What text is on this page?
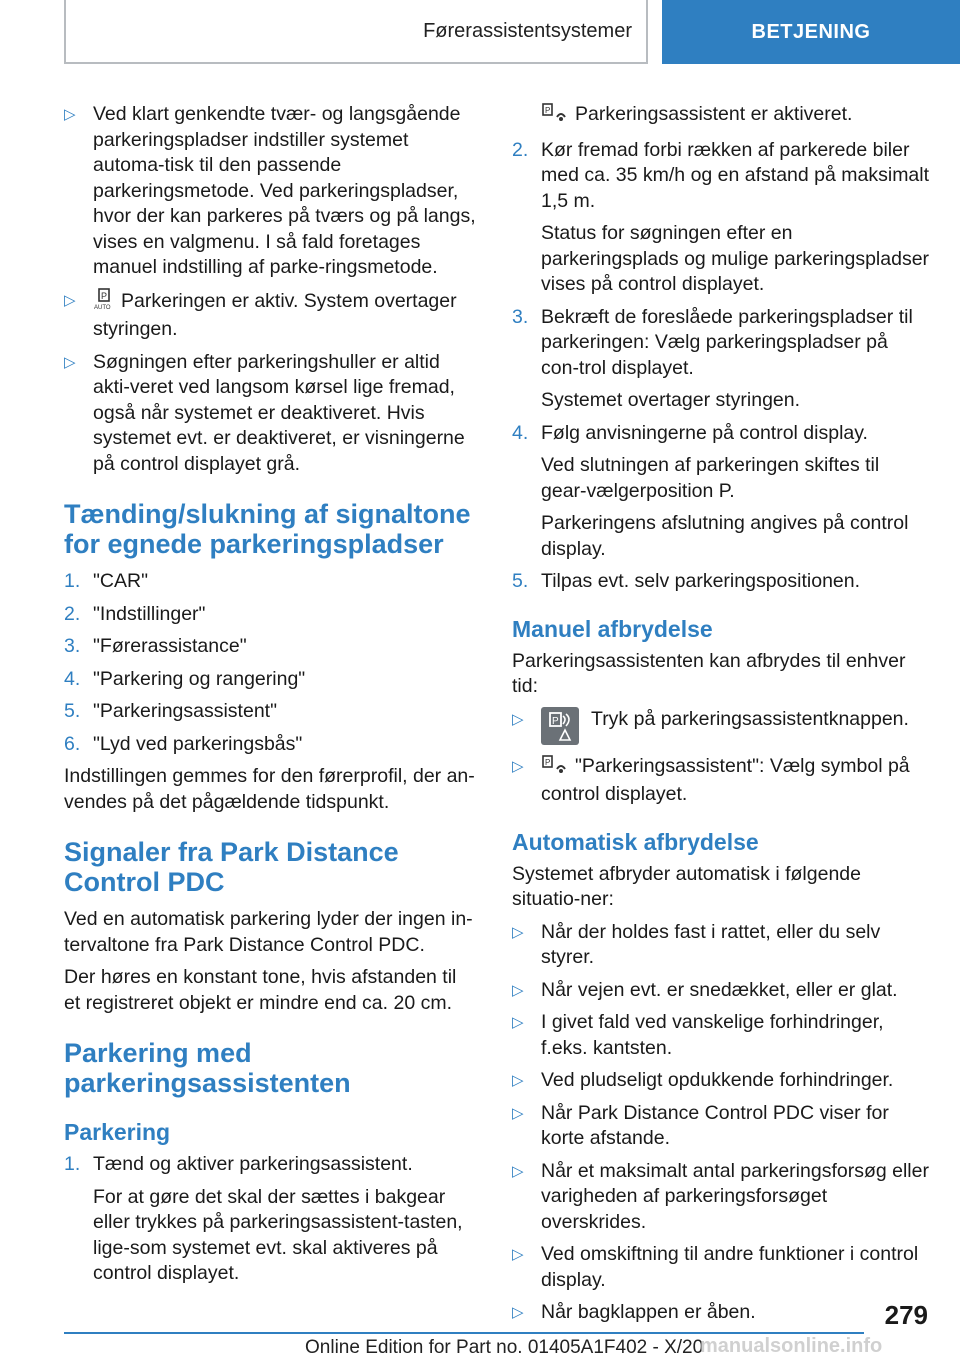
Førerassistentsystemer	BETJENING
▷ Ved klart genkendte tvær- og langsgående parkeringspladser indstiller systemet automa-tisk til den passende parkeringsmetode. Ved parkeringspladser, hvor der kan parkeres på tværs og på langs, vises en valgmenu. I så fald foretages manuel indstilling af parke-ringsmetode.
▷	P
AUTO Parkeringen er aktiv. System overtager styringen.
▷ Søgningen efter parkeringshuller er altid akti-veret ved langsom kørsel lige fremad, også når systemet er deaktiveret. Hvis systemet evt. er deaktiveret, er visningerne på control displayet grå.
Tænding/slukning af signaltone for egnede parkeringspladser
1. "CAR"
2. "Indstillinger"
3. "Førerassistance"
4. "Parkering og rangering"
5. "Parkeringsassistent"
6. "Lyd ved parkeringsbås"
Indstillingen gemmes for den førerprofil, der an-vendes på det pågældende tidspunkt.
Signaler fra Park Distance Control PDC
Ved en automatisk parkering lyder der ingen in-tervaltone fra Park Distance Control PDC.
Der høres en konstant tone, hvis afstanden til et registreret objekt er mindre end ca. 20 cm.
Parkering med parkeringsassistenten
Parkering
1. Tænd og aktiver parkeringsassistent.
For at gøre det skal der sættes i bakgear eller trykkes på parkeringsassistent-tasten, lige-som systemet evt. skal aktiveres på control displayet.
P Parkeringsassistent er aktiveret.
2. Kør fremad forbi rækken af parkerede biler med ca. 35 km/h og en afstand på maksimalt 1,5 m.
Status for søgningen efter en parkeringsplads og mulige parkeringspladser vises på control displayet.
3. Bekræft de foreslåede parkeringspladser til parkeringen: Vælg parkeringspladser på con-trol displayet.
Systemet overtager styringen.
4. Følg anvisningerne på control display.
Ved slutningen af parkeringen skiftes til gear-vælgerposition P.
Parkeringens afslutning angives på control display.
5. Tilpas evt. selv parkeringspositionen.
Manuel afbrydelse
Parkeringsassistenten kan afbrydes til enhver tid:
▷	P Tryk på parkeringsassistentknappen.
▷	P "Parkeringsassistent": Vælg symbol på control displayet.
Automatisk afbrydelse
Systemet afbryder automatisk i følgende situatio-ner:
▷ Når der holdes fast i rattet, eller du selv styrer.
▷ Når vejen evt. er snedækket, eller er glat.
▷ I givet fald ved vanskelige forhindringer, f.eks. kantsten.
▷ Ved pludseligt opdukkende forhindringer.
▷ Når Park Distance Control PDC viser for korte afstande.
▷ Når et maksimalt antal parkeringsforsøg eller varigheden af parkeringsforsøget overskrides.
▷ Ved omskiftning til andre funktioner i control display.
▷ Når bagklappen er åben.	279
Online Edition for Part no. 01405A1F402 - X/20
manualsonline.info
